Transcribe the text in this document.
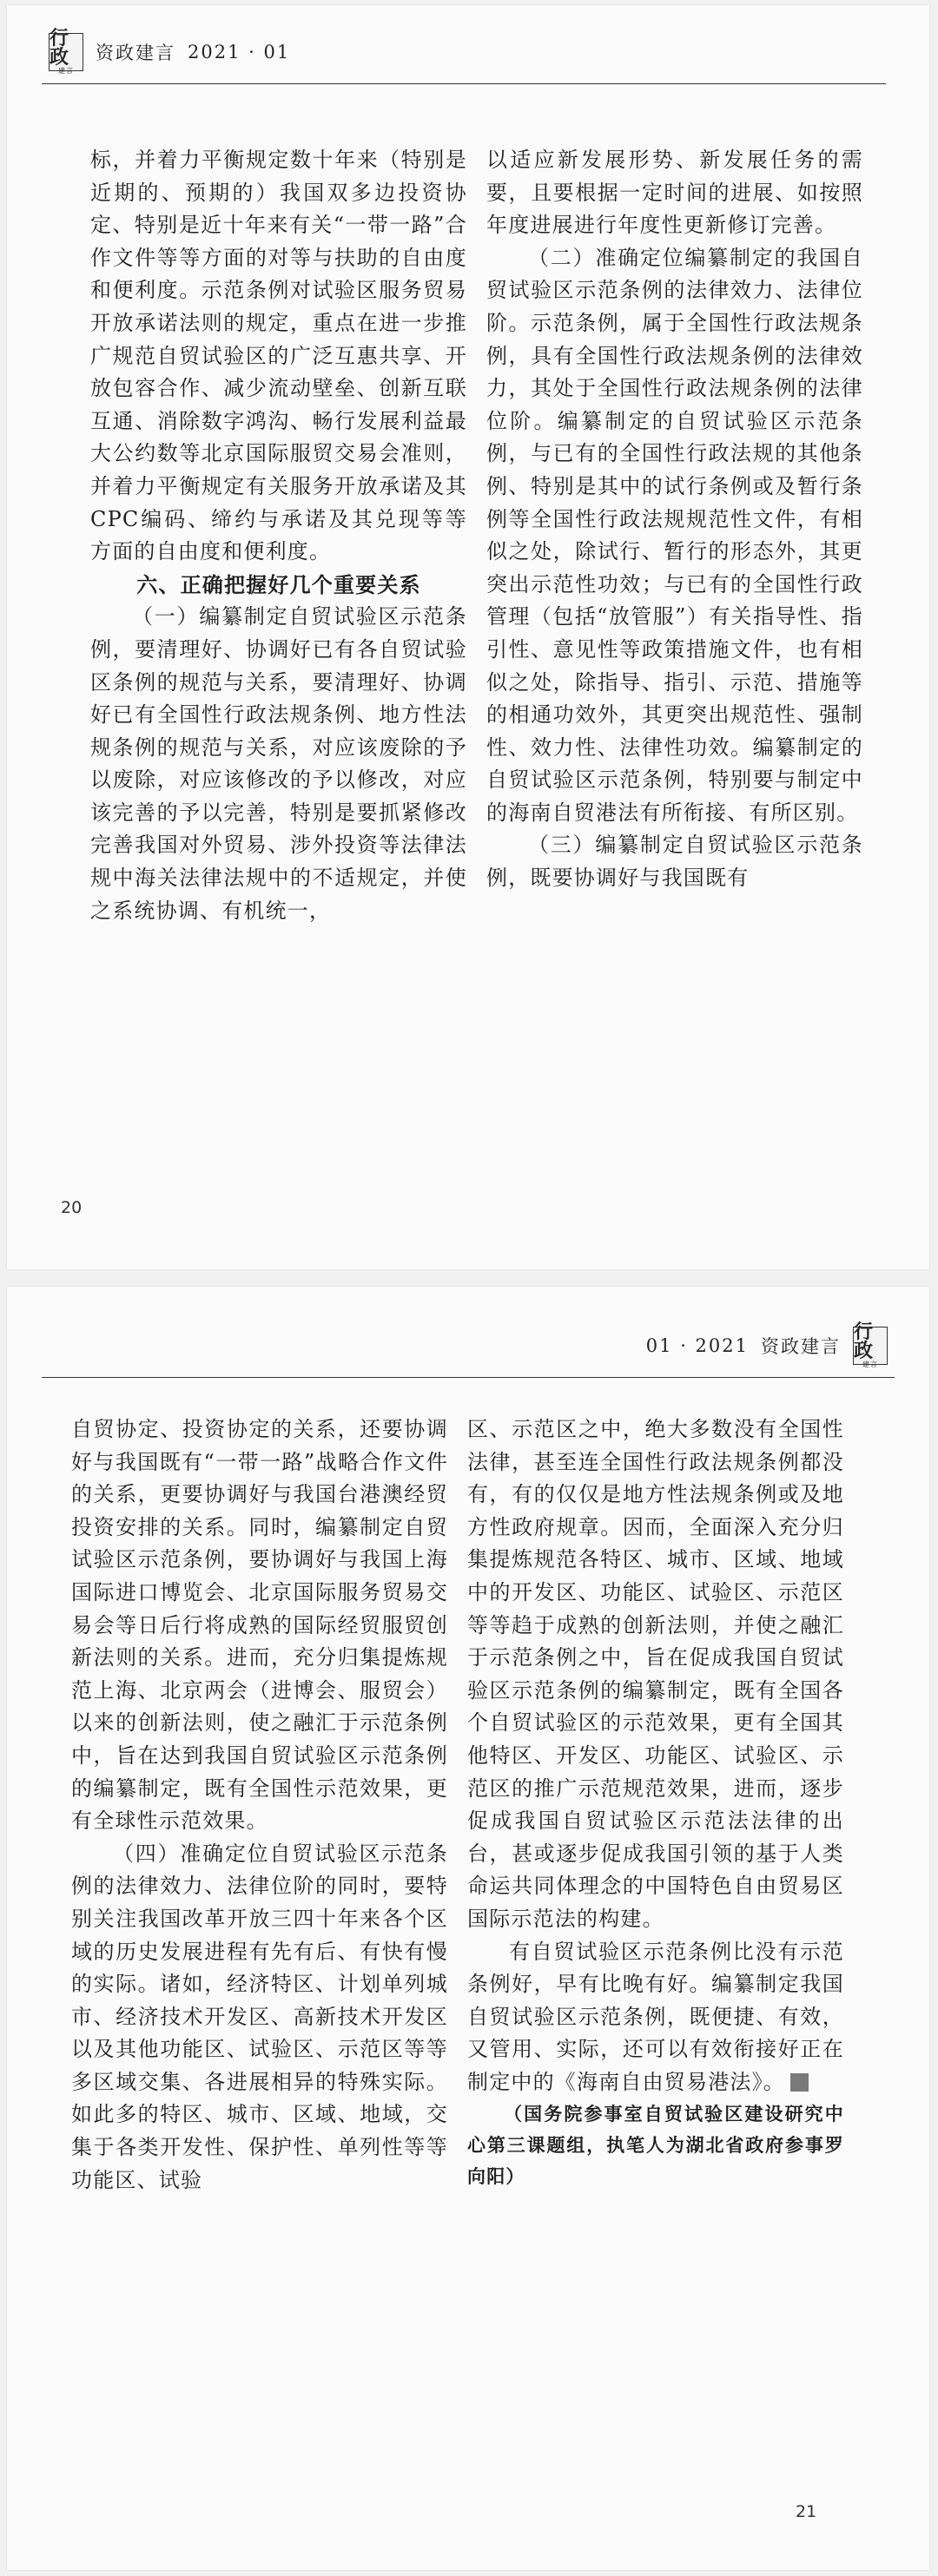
行政
建言
资政建言 2021 · 01

标，并着力平衡规定数十年来（特别是近期的、预期的）我国双多边投资协定、特别是近十年来有关“一带一路”合作文件等等方面的对等与扶助的自由度和便利度。示范条例对试验区服务贸易开放承诺法则的规定，重点在进一步推广规范自贸试验区的广泛互惠共享、开放包容合作、减少流动壁垒、创新互联互通、消除数字鸿沟、畅行发展利益最大公约数等北京国际服贸交易会准则，并着力平衡规定有关服务开放承诺及其CPC编码、缔约与承诺及其兑现等等方面的自由度和便利度。

六、正确把握好几个重要关系

（一）编纂制定自贸试验区示范条例，要清理好、协调好已有各自贸试验区条例的规范与关系，要清理好、协调好已有全国性行政法规条例、地方性法规条例的规范与关系，对应该废除的予以废除，对应该修改的予以修改，对应该完善的予以完善，特别是要抓紧修改完善我国对外贸易、涉外投资等法律法规中海关法律法规中的不适规定，并使之系统协调、有机统一，

以适应新发展形势、新发展任务的需要，且要根据一定时间的进展、如按照年度进展进行年度性更新修订完善。

（二）准确定位编纂制定的我国自贸试验区示范条例的法律效力、法律位阶。示范条例，属于全国性行政法规条例，具有全国性行政法规条例的法律效力，其处于全国性行政法规条例的法律位阶。编纂制定的自贸试验区示范条例，与已有的全国性行政法规的其他条例、特别是其中的试行条例或及暂行条例等全国性行政法规规范性文件，有相似之处，除试行、暂行的形态外，其更突出示范性功效；与已有的全国性行政管理（包括“放管服”）有关指导性、指引性、意见性等政策措施文件，也有相似之处，除指导、指引、示范、措施等的相通功效外，其更突出规范性、强制性、效力性、法律性功效。编纂制定的自贸试验区示范条例，特别要与制定中的海南自贸港法有所衔接、有所区别。

（三）编纂制定自贸试验区示范条例，既要协调好与我国既有

20
01 · 2021 资政建言
行政
建言

自贸协定、投资协定的关系，还要协调好与我国既有“一带一路”战略合作文件的关系，更要协调好与我国台港澳经贸投资安排的关系。同时，编纂制定自贸试验区示范条例，要协调好与我国上海国际进口博览会、北京国际服务贸易交易会等日后行将成熟的国际经贸服贸创新法则的关系。进而，充分归集提炼规范上海、北京两会（进博会、服贸会）以来的创新法则，使之融汇于示范条例中，旨在达到我国自贸试验区示范条例的编纂制定，既有全国性示范效果，更有全球性示范效果。

（四）准确定位自贸试验区示范条例的法律效力、法律位阶的同时，要特别关注我国改革开放三四十年来各个区域的历史发展进程有先有后、有快有慢的实际。诸如，经济特区、计划单列城市、经济技术开发区、高新技术开发区以及其他功能区、试验区、示范区等等多区域交集、各进展相异的特殊实际。如此多的特区、城市、区域、地域，交集于各类开发性、保护性、单列性等等功能区、试验

区、示范区之中，绝大多数没有全国性法律，甚至连全国性行政法规条例都没有，有的仅仅是地方性法规条例或及地方性政府规章。因而，全面深入充分归集提炼规范各特区、城市、区域、地域中的开发区、功能区、试验区、示范区等等趋于成熟的创新法则，并使之融汇于示范条例之中，旨在促成我国自贸试验区示范条例的编纂制定，既有全国各个自贸试验区的示范效果，更有全国其他特区、开发区、功能区、试验区、示范区的推广示范规范效果，进而，逐步促成我国自贸试验区示范法法律的出台，甚或逐步促成我国引领的基于人类命运共同体理念的中国特色自由贸易区国际示范法的构建。

有自贸试验区示范条例比没有示范条例好，早有比晚有好。编纂制定我国自贸试验区示范条例，既便捷、有效，又管用、实际，还可以有效衔接好正在制定中的《海南自由贸易港法》。

（国务院参事室自贸试验区建设研究中心第三课题组，执笔人为湖北省政府参事罗向阳）

21
